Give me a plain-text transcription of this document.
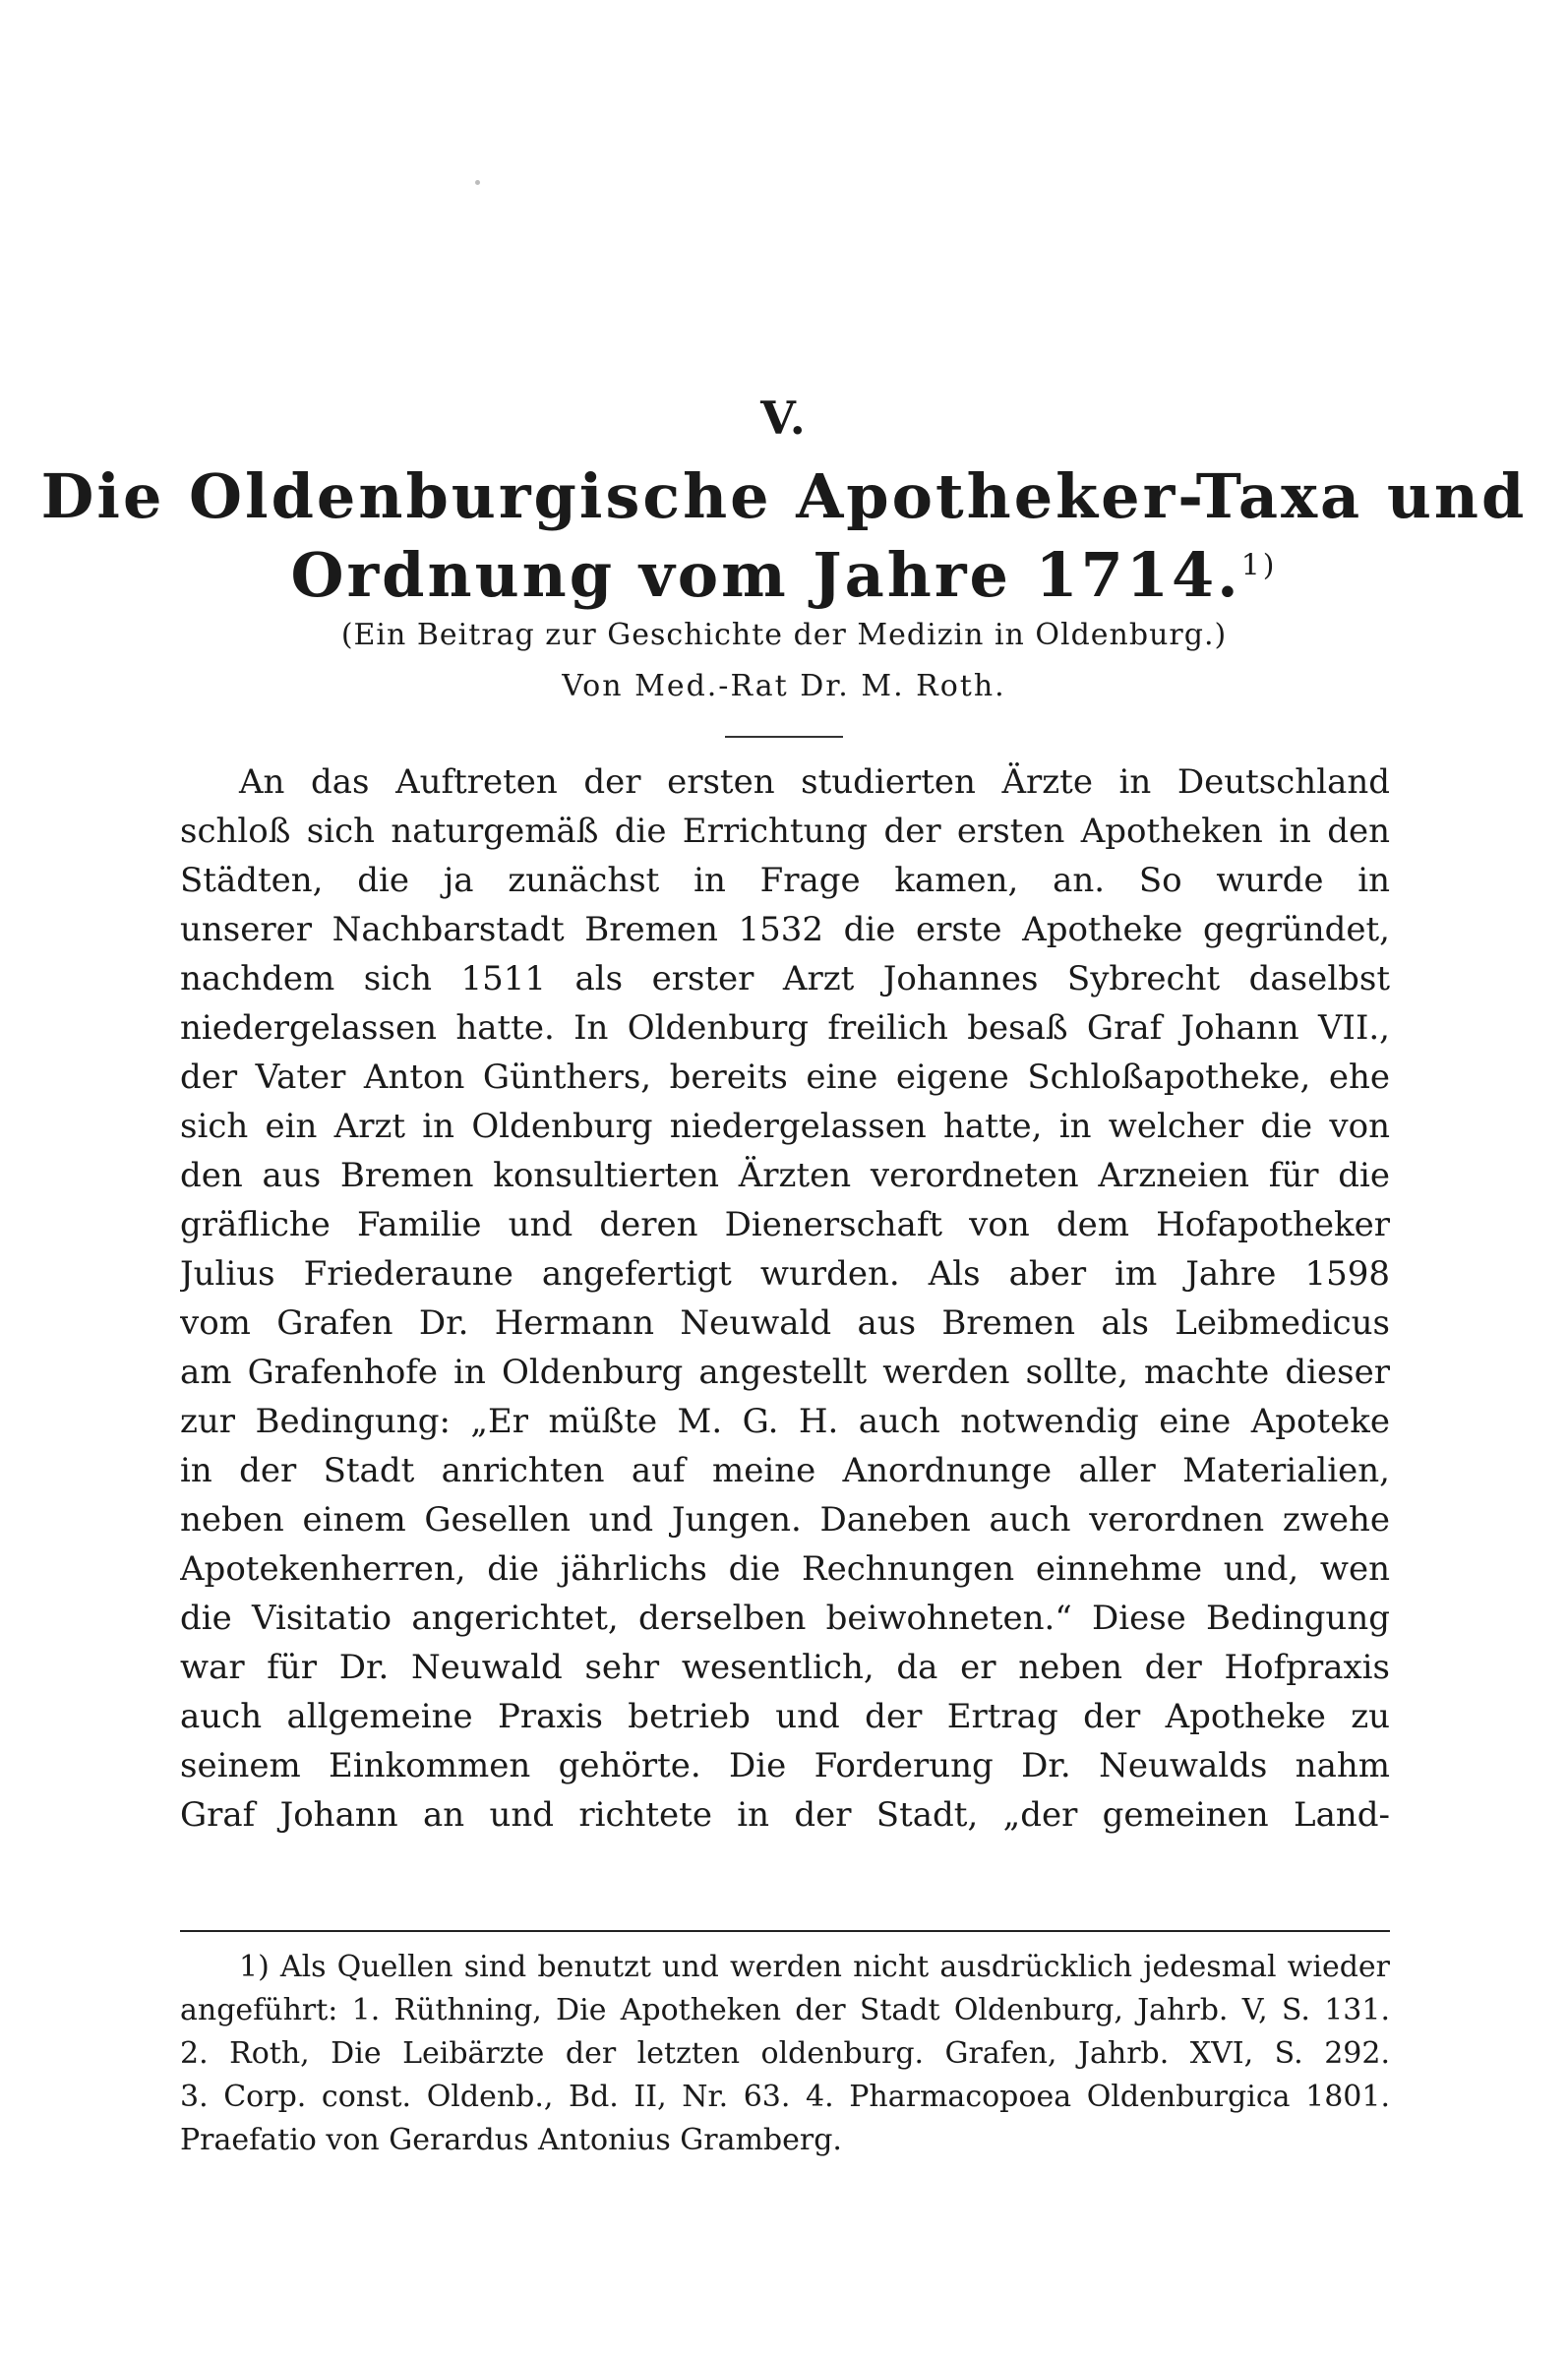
V.
Die Oldenburgische Apotheker-Taxa und
Ordnung vom Jahre 1714.$^{1)}$
(Ein Beitrag zur Geschichte der Medizin in Oldenburg.)
Von Med.-Rat Dr. M. Roth.
An das Auftreten der ersten studierten Ärzte in Deutschland
schloß sich naturgemäß die Errichtung der ersten Apotheken in den
Städten, die ja zunächst in Frage kamen, an. So wurde in
unserer Nachbarstadt Bremen 1532 die erste Apotheke gegründet,
nachdem sich 1511 als erster Arzt Johannes Sybrecht daselbst
niedergelassen hatte. In Oldenburg freilich besaß Graf Johann VII.,
der Vater Anton Günthers, bereits eine eigene Schloßapotheke, ehe
sich ein Arzt in Oldenburg niedergelassen hatte, in welcher die von
den aus Bremen konsultierten Ärzten verordneten Arzneien für die
gräfliche Familie und deren Dienerschaft von dem Hofapotheker
Julius Friederaune angefertigt wurden. Als aber im Jahre 1598
vom Grafen Dr. Hermann Neuwald aus Bremen als Leibmedicus
am Grafenhofe in Oldenburg angestellt werden sollte, machte dieser
zur Bedingung: „Er müßte M. G. H. auch notwendig eine Apoteke
in der Stadt anrichten auf meine Anordnunge aller Materialien,
neben einem Gesellen und Jungen. Daneben auch verordnen zwehe
Apotekenherren, die jährlichs die Rechnungen einnehme und, wen
die Visitatio angerichtet, derselben beiwohneten.“ Diese Bedingung
war für Dr. Neuwald sehr wesentlich, da er neben der Hofpraxis
auch allgemeine Praxis betrieb und der Ertrag der Apotheke zu
seinem Einkommen gehörte. Die Forderung Dr. Neuwalds nahm
Graf Johann an und richtete in der Stadt, „der gemeinen Land-
1) Als Quellen sind benutzt und werden nicht ausdrücklich jedesmal wieder
angeführt: 1. Rüthning, Die Apotheken der Stadt Oldenburg, Jahrb. V, S. 131.
2. Roth, Die Leibärzte der letzten oldenburg. Grafen, Jahrb. XVI, S. 292.
3. Corp. const. Oldenb., Bd. II, Nr. 63. 4. Pharmacopoea Oldenburgica 1801.
Praefatio von Gerardus Antonius Gramberg.
